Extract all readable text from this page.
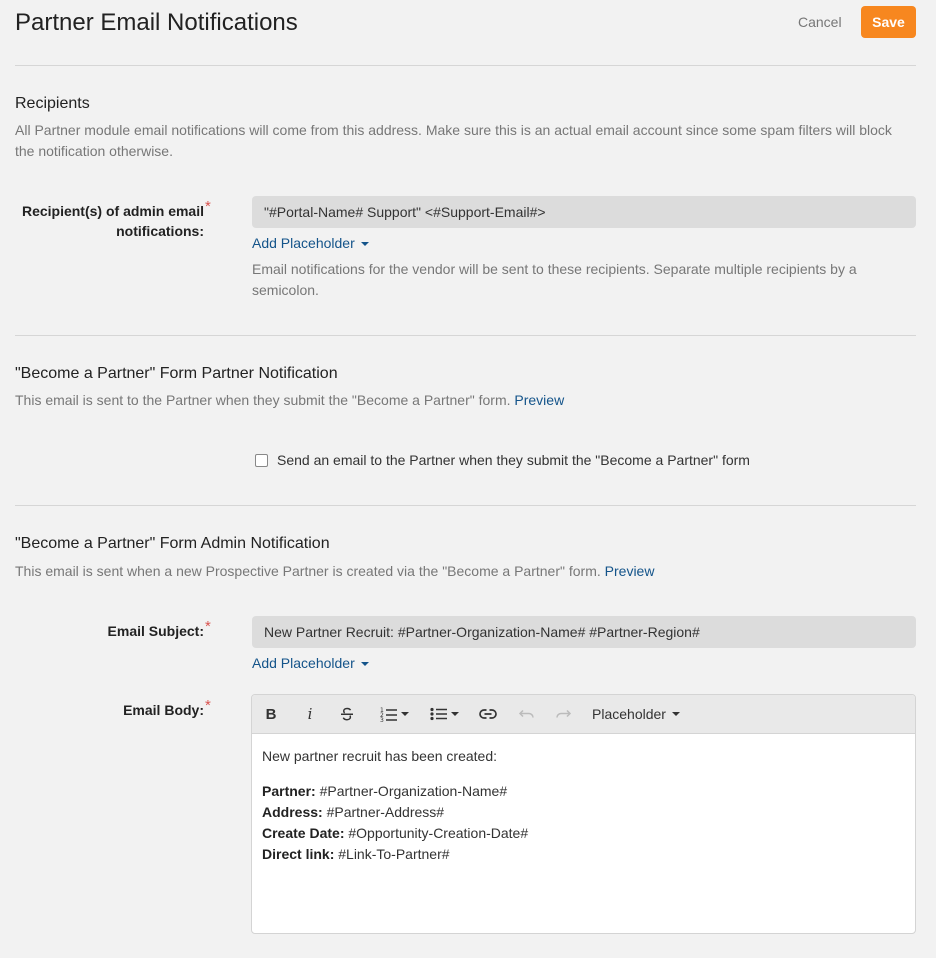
Partner Email Notifications	Cancel	Save
Recipients

All Partner module email notifications will come from this address. Make sure this is an actual email account since some spam filters will block the notification otherwise.

Recipient(s) of admin email
notifications:
*	"#Portal-Name# Support" <#Support-Email#>
Add Placeholder
Email notifications for the vendor will be sent to these recipients. Separate multiple recipients by a semicolon.
"Become a Partner" Form Partner Notification

This email is sent to the Partner when they submit the "Become a Partner" form. Preview

Send an email to the Partner when they submit the "Become a Partner" form
"Become a Partner" Form Admin Notification

This email is sent when a new Prospective Partner is created via the "Become a Partner" form. Preview

Email Subject: *	New Partner Recruit: #Partner-Organization-Name# #Partner-Region#
Add Placeholder
Email Body: *	B	i	1
2
3	Placeholder

New partner recruit has been created:

Partner: #Partner-Organization-Name#

Address: #Partner-Address#

Create Date: #Opportunity-Creation-Date#

Direct link: #Link-To-Partner#
